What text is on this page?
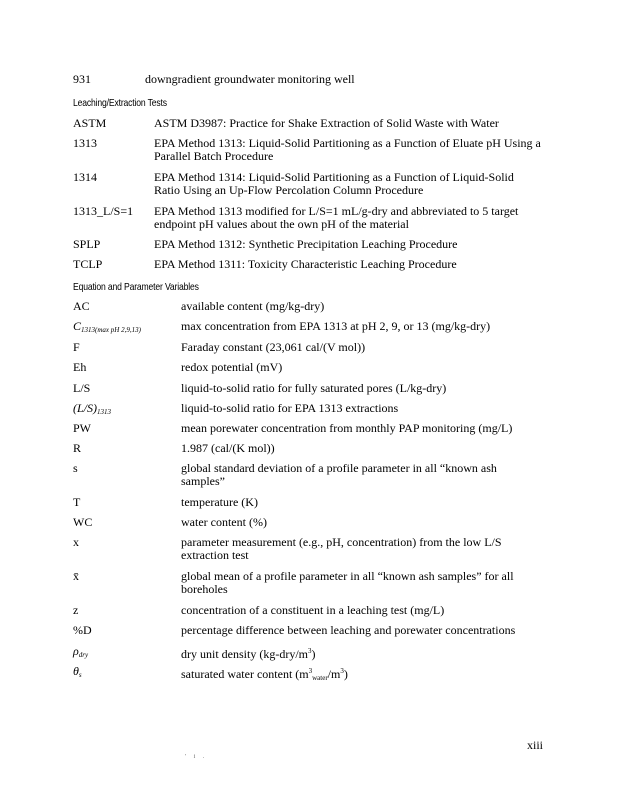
931	downgradient groundwater monitoring well
Leaching/Extraction Tests
ASTM	ASTM D3987: Practice for Shake Extraction of Solid Waste with Water
1313	EPA Method 1313: Liquid-Solid Partitioning as a Function of Eluate pH Using a Parallel Batch Procedure
1314	EPA Method 1314: Liquid-Solid Partitioning as a Function of Liquid-Solid Ratio Using an Up-Flow Percolation Column Procedure
1313_L/S=1 EPA Method 1313 modified for L/S=1 mL/g-dry and abbreviated to 5 target endpoint pH values about the own pH of the material
SPLP	EPA Method 1312: Synthetic Precipitation Leaching Procedure
TCLP	EPA Method 1311: Toxicity Characteristic Leaching Procedure
Equation and Parameter Variables
AC	available content (mg/kg-dry)
$C_{1313(max pH 2,9,13)}$	max concentration from EPA 1313 at pH 2, 9, or 13 (mg/kg-dry)
F	Faraday constant (23,061 cal/(V mol))
Eh	redox potential (mV)
L/S	liquid-to-solid ratio for fully saturated pores (L/kg-dry)
$(L/S)_{1313}$	liquid-to-solid ratio for EPA 1313 extractions
PW	mean porewater concentration from monthly PAP monitoring (mg/L)
R	1.987 (cal/(K mol))
s	global standard deviation of a profile parameter in all “known ash samples”
T	temperature (K)
WC	water content (%)
x	parameter measurement (e.g., pH, concentration) from the low L/S extraction test
x̄	global mean of a profile parameter in all “known ash samples” for all boreholes
z	concentration of a constituent in a leaching test (mg/L)
%D	percentage difference between leaching and porewater concentrations
$\rho_{dry}$	dry unit density $(kg-dry/m^3)$
$\theta_s$	saturated water content $(m^3_{water}/m^3)$
xiii
' i .
